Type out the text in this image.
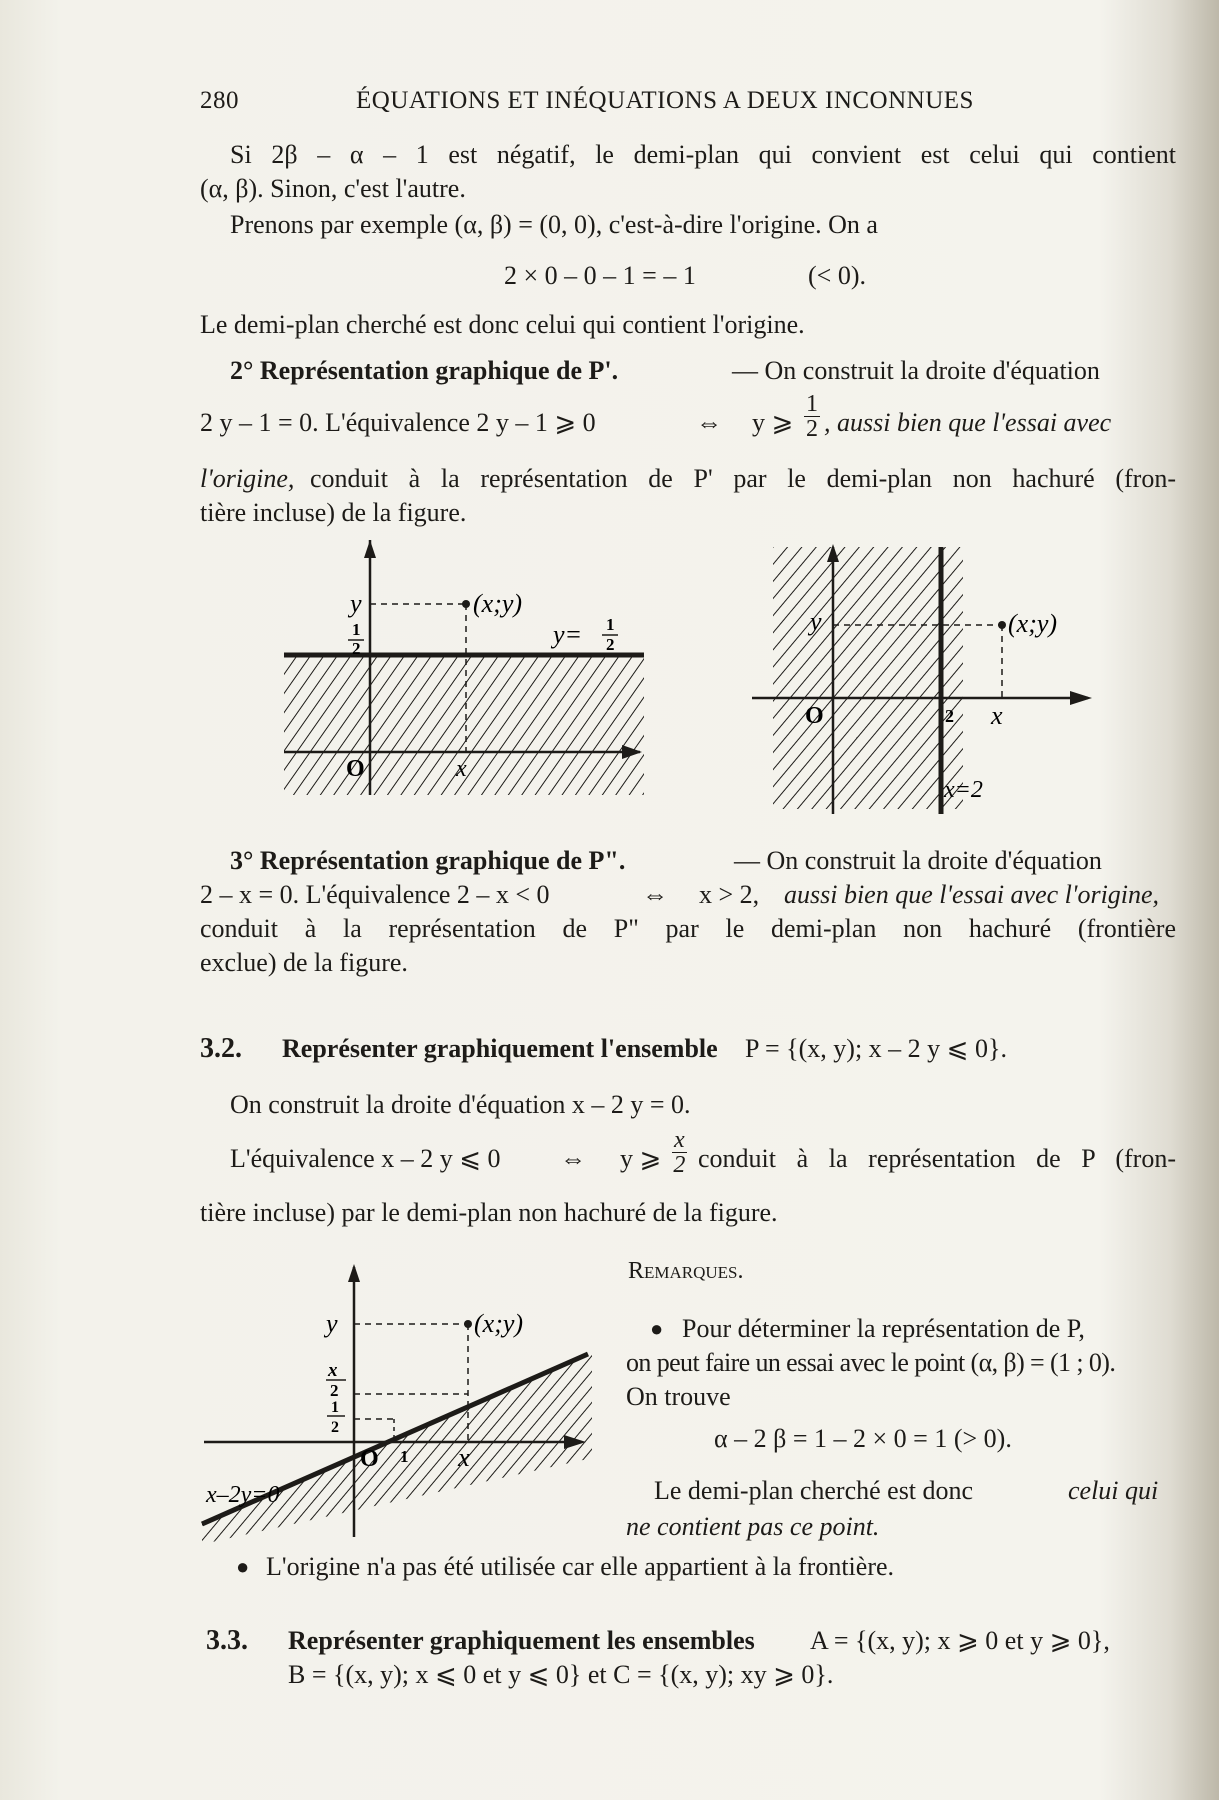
280	ÉQUATIONS ET INÉQUATIONS A DEUX INCONNUES
Si 2β – α – 1 est négatif, le demi-plan qui convient est celui qui contient
(α, β). Sinon, c'est l'autre.
Prenons par exemple (α, β) = (0, 0), c'est-à-dire l'origine. On a
2 × 0 – 0 – 1 = – 1	(< 0).
Le demi-plan cherché est donc celui qui contient l'origine.
2° Représentation graphique de P'.	— On construit la droite d'équation
2 y – 1 = 0. L'équivalence 2 y – 1 ⩾ 0	⇔ y ⩾ $\frac{1}{2}$ , aussi bien que l'essai avec
l'origine, conduit à la représentation de P' par le demi-plan non hachuré (fron-
tière incluse) de la figure.
y	(x;y)
1
2	y= 1
2
O	x
y	(x;y)
O	2 x
x=2
3° Représentation graphique de P".	— On construit la droite d'équation
2 – x = 0. L'équivalence 2 – x < 0	⇔ x > 2, aussi bien que l'essai avec l'origine,
conduit à la représentation de P" par le demi-plan non hachuré (frontière
exclue) de la figure.
3.2. Représenter graphiquement l'ensemble P = {(x, y); x – 2 y ⩽ 0}.
On construit la droite d'équation x – 2 y = 0.
L'équivalence x – 2 y ⩽ 0 ⇔ y ⩾ $\frac{x}{2}$ conduit à la représentation de P (fron-
tière incluse) par le demi-plan non hachuré de la figure.
y	(x;y)
x
2
1
2
O 1 x
x–2y=0
Remarques.
● Pour déterminer la représentation de P,
on peut faire un essai avec le point (α, β) = (1 ; 0).
On trouve
α – 2 β = 1 – 2 × 0 = 1 (> 0).
Le demi-plan cherché est donc	celui qui
ne contient pas ce point.
● L'origine n'a pas été utilisée car elle appartient à la frontière.
3.3. Représenter graphiquement les ensembles A = {(x, y); x ⩾ 0 et y ⩾ 0},
B = {(x, y); x ⩽ 0 et y ⩽ 0} et C = {(x, y); xy ⩾ 0}.
